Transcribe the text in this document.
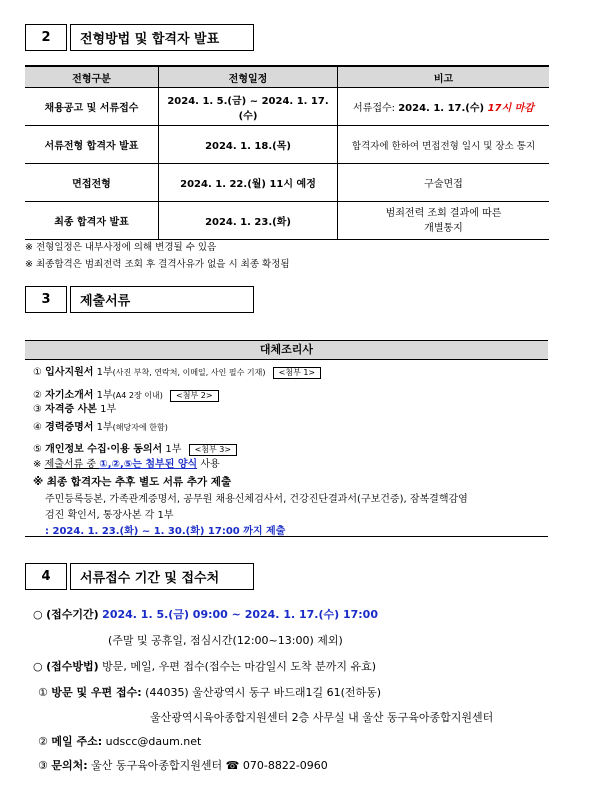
2	전형방법 및 합격자 발표
전형구분	전형일정	비고
채용공고 및 서류접수	2024. 1. 5.(금) ~ 2024. 1. 17.(수)	서류접수: 2024. 1. 17.(수) 17시 마감
서류전형 합격자 발표	2024. 1. 18.(목)	합격자에 한하여 면접전형 일시 및 장소 통지
면접전형	2024. 1. 22.(월) 11시 예정	구술면접
최종 합격자 발표	2024. 1. 23.(화)	범죄전력 조회 결과에 따른
개별통지
※ 전형일정은 내부사정에 의해 변경될 수 있음
※ 최종합격은 범죄전력 조회 후 결격사유가 없을 시 최종 확정됨
3	제출서류
대체조리사
① 입사지원서 1부(사진 부착, 연락처, 이메일, 사인 필수 기재) <첨부 1>
② 자기소개서 1부(A4 2장 이내) <첨부 2>
③ 자격증 사본 1부
④ 경력증명서 1부(해당자에 한함)
⑤ 개인정보 수집·이용 동의서 1부 <첨부 3>
※ 제출서류 중 ①,②,⑤는 첨부된 양식 사용
※ 최종 합격자는 추후 별도 서류 추가 제출
주민등록등본, 가족관계증명서, 공무원 채용신체검사서, 건강진단결과서(구보건증), 잠복결핵감염
검진 확인서, 통장사본 각 1부
: 2024. 1. 23.(화) ~ 1. 30.(화) 17:00 까지 제출
4	서류접수 기간 및 접수처
○ (접수기간) 2024. 1. 5.(금) 09:00 ~ 2024. 1. 17.(수) 17:00
(주말 및 공휴일, 점심시간(12:00~13:00) 제외)
○ (접수방법) 방문, 메일, 우편 접수(접수는 마감일시 도착 분까지 유효)
① 방문 및 우편 접수: (44035) 울산광역시 동구 바드래1길 61(전하동)
울산광역시육아종합지원센터 2층 사무실 내 울산 동구육아종합지원센터
② 메일 주소: udscc@daum.net
③ 문의처: 울산 동구육아종합지원센터 ☎ 070-8822-0960
